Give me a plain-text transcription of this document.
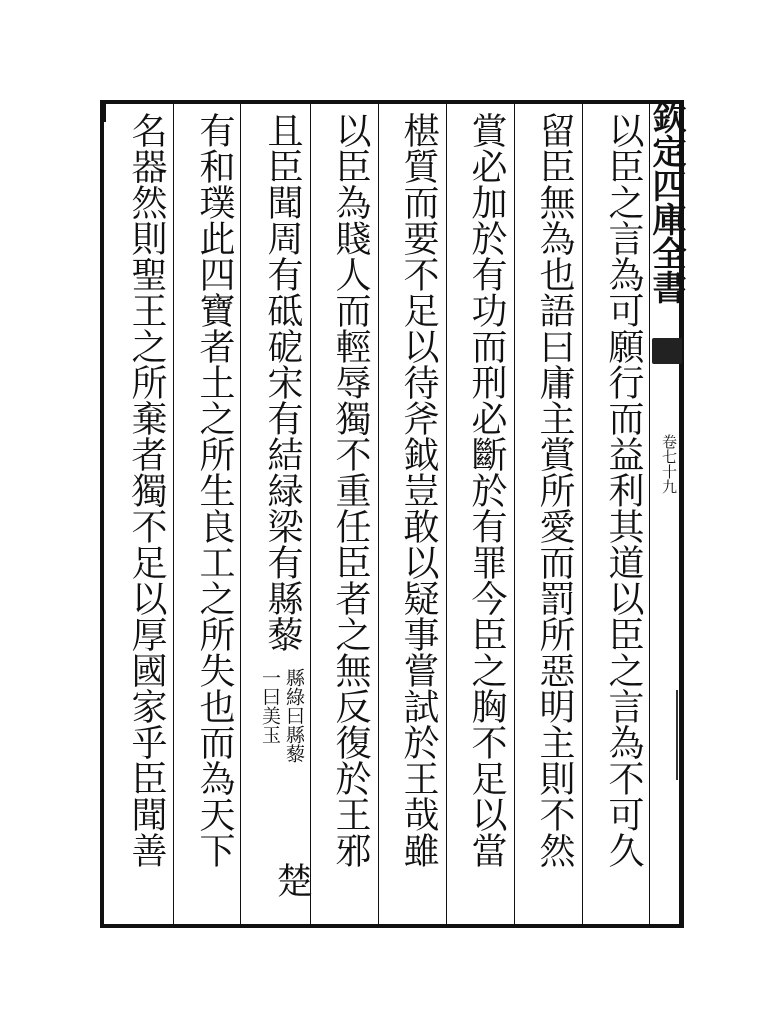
欽定四庫全書
卷七十九
以臣之言為可願行而益利其道以臣之言為不可久
留臣無為也語曰庸主賞所愛而罰所惡明主則不然
賞必加於有功而刑必斷於有罪今臣之胸不足以當
椹質而要不足以待斧鉞豈敢以疑事嘗試於王哉雖
以臣為賤人而輕辱獨不重任臣者之無反復於王邪
且臣聞周有砥砨宋有結緑梁有縣藜
縣綠曰縣藜
一曰美玉
楚
有和璞此四寶者土之所生良工之所失也而為天下
名器然則聖王之所棄者獨不足以厚國家乎臣聞善
